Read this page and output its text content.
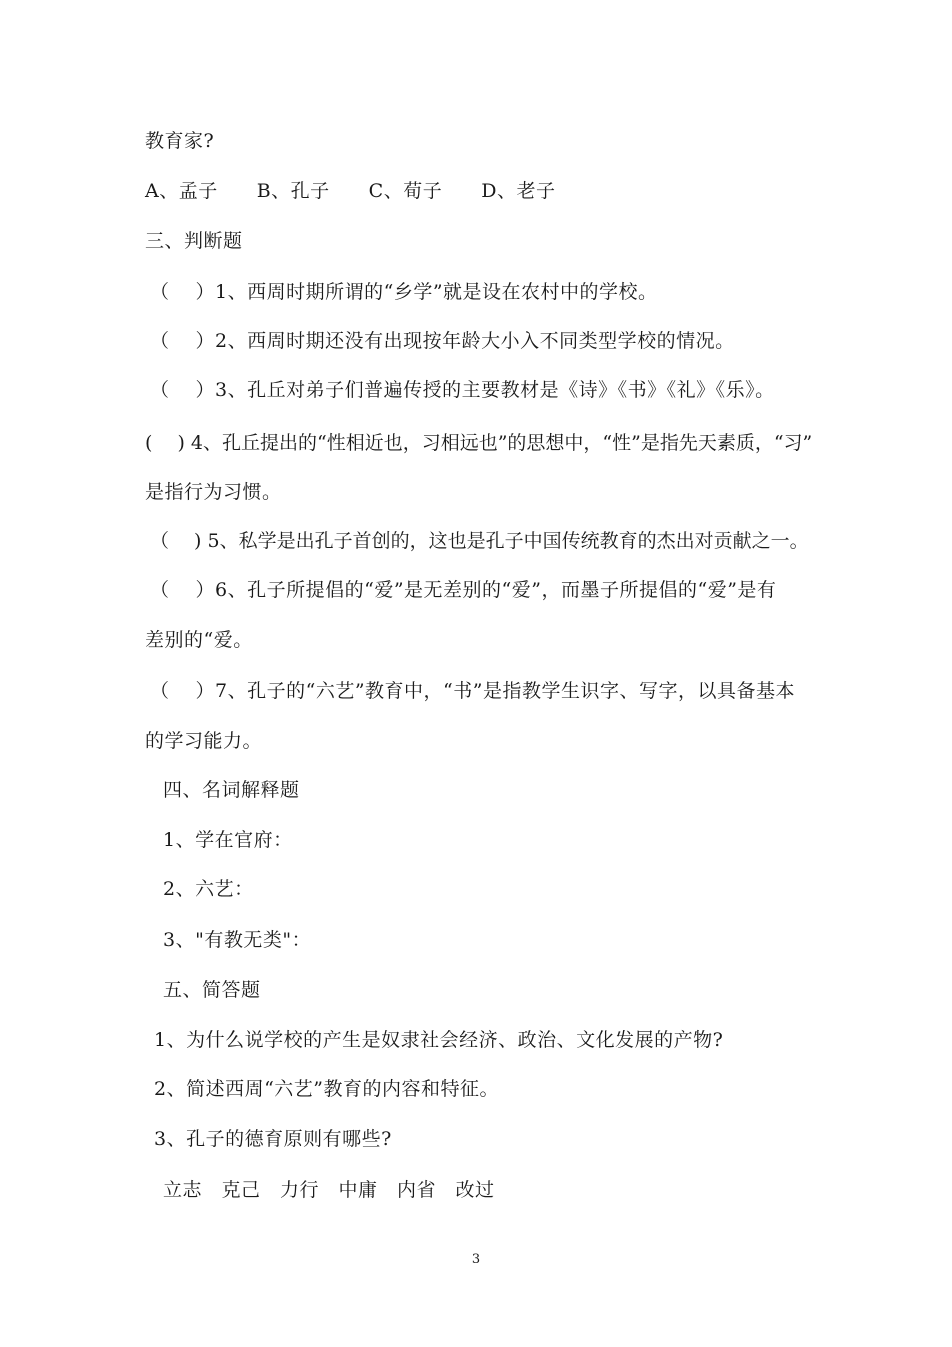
教育家?
A、孟子　　B、孔子　　C、荀子　　D、老子
三、判断题
（　 ）1、西周时期所谓的“乡学”就是设在农村中的学校。
（　 ）2、西周时期还没有出现按年龄大小入不同类型学校的情况。
（　 ）3、孔丘对弟子们普遍传授的主要教材是《诗》《书》《礼》《乐》。
(　 ) 4、孔丘提出的“性相近也，习相远也”的思想中，“性”是指先天素质，“习”
是指行为习惯。
（　 ) 5、私学是出孔子首创的，这也是孔子中国传统教育的杰出对贡献之一。
（　 ）6、孔子所提倡的“爱”是无差别的“爱”，而墨子所提倡的“爱”是有
差别的“爱。
（　 ）7、孔子的“六艺”教育中，“书”是指教学生识字、写字，以具备基本
的学习能力。
四、名词解释题
1、学在官府：
2、六艺：
3、"有教无类"：
五、简答题
1、为什么说学校的产生是奴隶社会经济、政治、文化发展的产物?
2、简述西周“六艺”教育的内容和特征。
3、孔子的德育原则有哪些?
立志　克己　力行　中庸　内省　改过
3
